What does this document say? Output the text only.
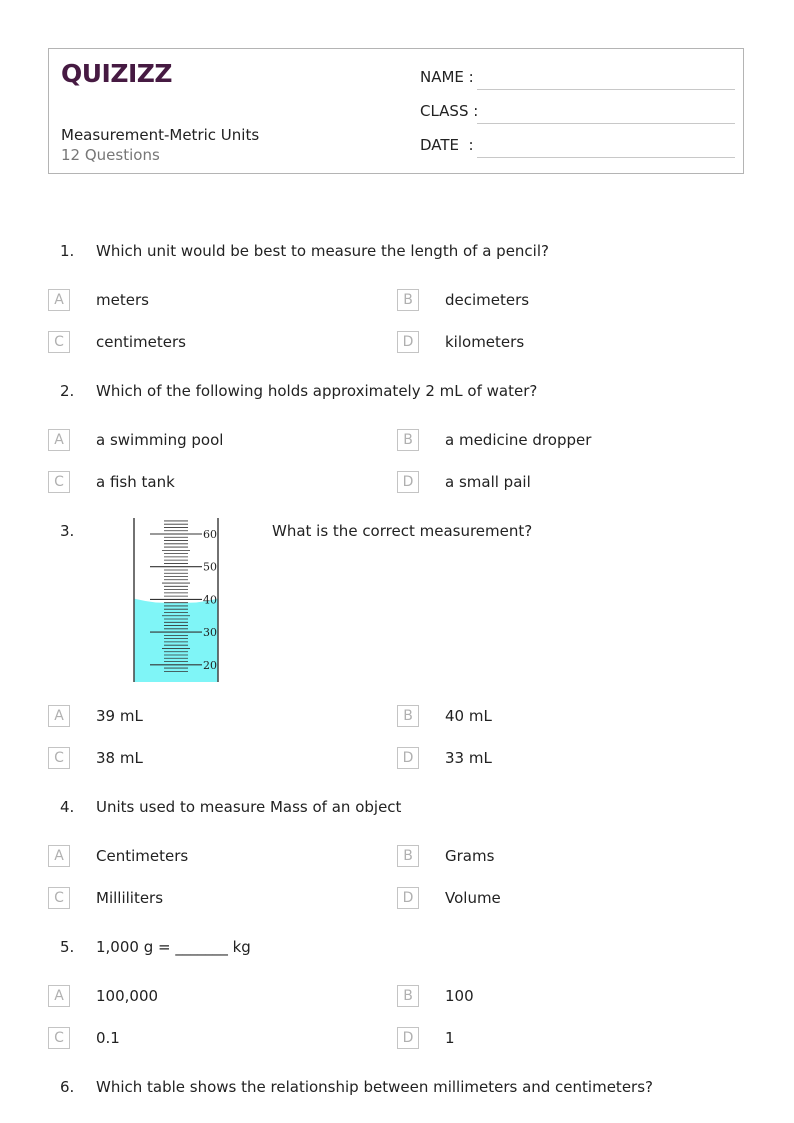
QUIZIZZ
Measurement-Metric Units
12 Questions
NAME :
CLASS :
DATE  :
1. Which unit would be best to measure the length of a pencil?
A	meters	B	decimeters
C	centimeters	D	kilometers
2. Which of the following holds approximately 2 mL of water?
A	a swimming pool	B	a medicine dropper
C	a fish tank	D	a small pail
3.	What is the correct measurement?
60
50
40
30
20
A	39 mL	B	40 mL
C	38 mL	D	33 mL
4. Units used to measure Mass of an object
A	Centimeters	B	Grams
C	Milliliters	D	Volume
5. 1,000 g = _______ kg
A	100,000	B	100
C	0.1	D	1
6. Which table shows the relationship between millimeters and centimeters?
